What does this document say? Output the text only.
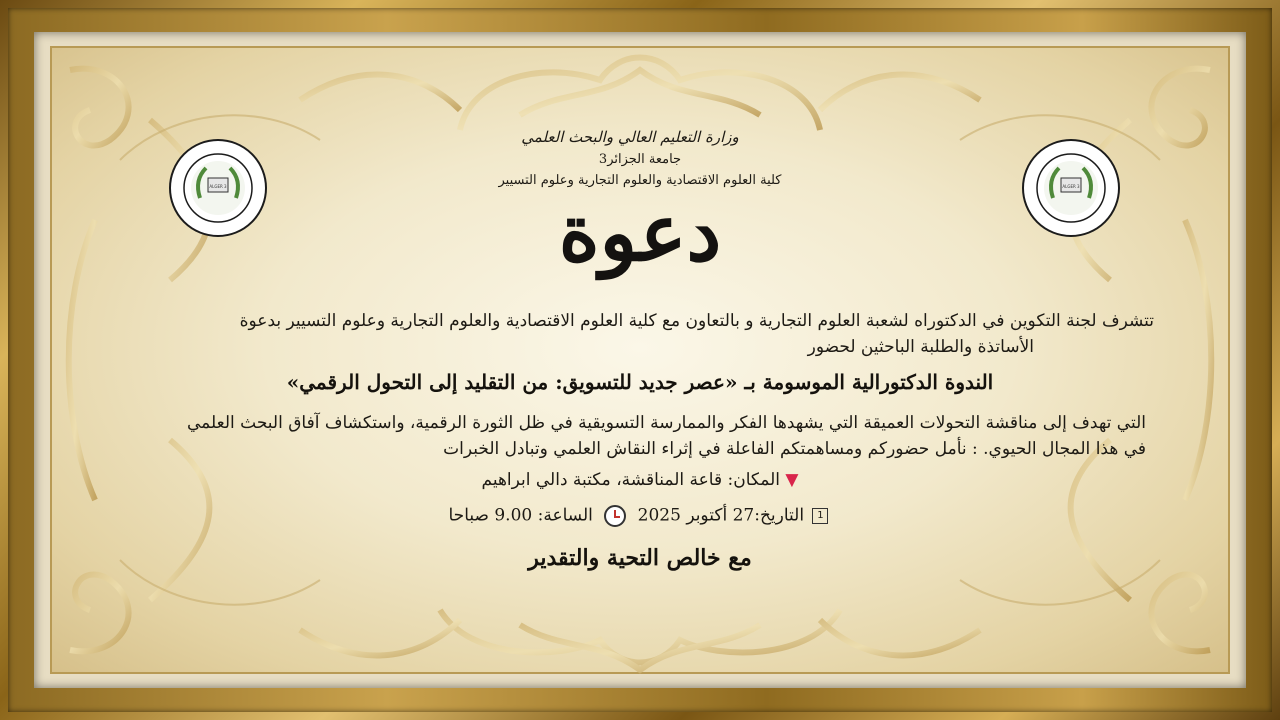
ALGER 3	ALGER 3
وزارة التعليم العالي والبحث العلمي
جامعة الجزائر3
كلية العلوم الاقتصادية والعلوم التجارية وعلوم التسيير
دعوة
تتشرف لجنة التكوين في الدكتوراه لشعبة العلوم التجارية و بالتعاون مع كلية العلوم الاقتصادية والعلوم التجارية وعلوم التسيير بدعوة
الأساتذة والطلبة الباحثين لحضور
الندوة الدكتورالية الموسومة بـ «عصر جديد للتسويق: من التقليد إلى التحول الرقمي»
التي تهدف إلى مناقشة التحولات العميقة التي يشهدها الفكر والممارسة التسويقية في ظل الثورة الرقمية، واستكشاف آفاق البحث العلمي
في هذا المجال الحيوي. : نأمل حضوركم ومساهمتكم الفاعلة في إثراء النقاش العلمي وتبادل الخبرات
▼ المكان: قاعة المناقشة، مكتبة دالي ابراهيم
1 التاريخ:27 أكتوبر 2025  الساعة: 9.00 صباحا
مع خالص التحية والتقدير
